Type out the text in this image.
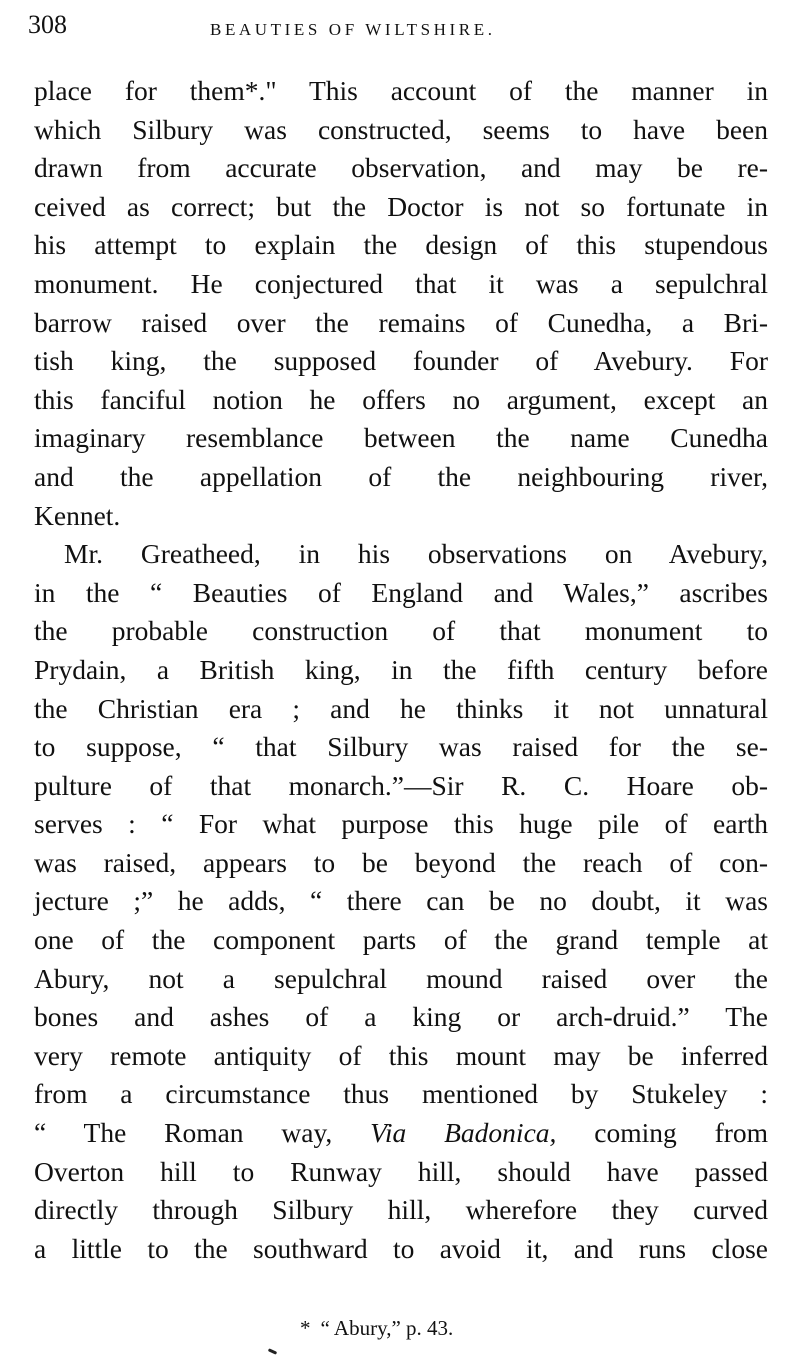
308	BEAUTIES OF WILTSHIRE.
place for them*." This account of the manner in
which Silbury was constructed, seems to have been
drawn from accurate observation, and may be re-
ceived as correct; but the Doctor is not so fortunate in
his attempt to explain the design of this stupendous
monument. He conjectured that it was a sepulchral
barrow raised over the remains of Cunedha, a Bri-
tish king, the supposed founder of Avebury. For
this fanciful notion he offers no argument, except an
imaginary resemblance between the name Cunedha
and the appellation of the neighbouring river,
Kennet.
Mr. Greatheed, in his observations on Avebury,
in the “ Beauties of England and Wales,” ascribes
the probable construction of that monument to
Prydain, a British king, in the fifth century before
the Christian era ; and he thinks it not unnatural
to suppose, “ that Silbury was raised for the se-
pulture of that monarch.”—Sir R. C. Hoare ob-
serves : “ For what purpose this huge pile of earth
was raised, appears to be beyond the reach of con-
jecture ;” he adds, “ there can be no doubt, it was
one of the component parts of the grand temple at
Abury, not a sepulchral mound raised over the
bones and ashes of a king or arch-druid.” The
very remote antiquity of this mount may be inferred
from a circumstance thus mentioned by Stukeley :
“ The Roman way, Via Badonica, coming from
Overton hill to Runway hill, should have passed
directly through Silbury hill, wherefore they curved
a little to the southward to avoid it, and runs close
* “ Abury,” p. 43.
